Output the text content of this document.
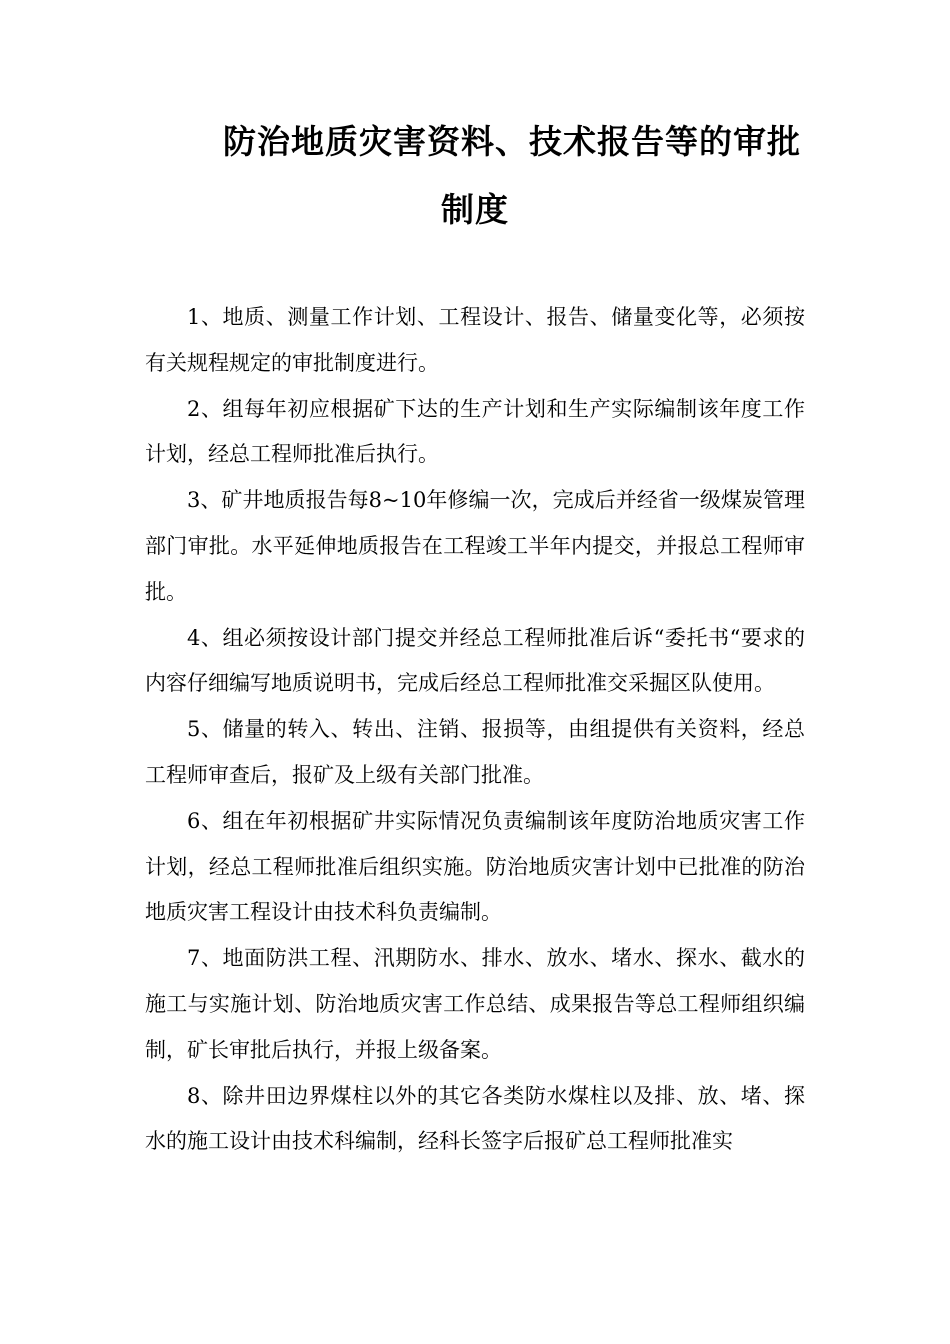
防治地质灾害资料、技术报告等的审批
制度

1、地质、测量工作计划、工程设计、报告、储量变化等，必须按有关规程规定的审批制度进行。

2、组每年初应根据矿下达的生产计划和生产实际编制该年度工作计划，经总工程师批准后执行。

3、矿井地质报告每8~10年修编一次，完成后并经省一级煤炭管理部门审批。水平延伸地质报告在工程竣工半年内提交，并报总工程师审批。

4、组必须按设计部门提交并经总工程师批准后诉“委托书“要求的内容仔细编写地质说明书，完成后经总工程师批准交采掘区队使用。

5、储量的转入、转出、注销、报损等，由组提供有关资料，经总工程师审查后，报矿及上级有关部门批准。

6、组在年初根据矿井实际情况负责编制该年度防治地质灾害工作计划，经总工程师批准后组织实施。防治地质灾害计划中已批准的防治地质灾害工程设计由技术科负责编制。

7、地面防洪工程、汛期防水、排水、放水、堵水、探水、截水的施工与实施计划、防治地质灾害工作总结、成果报告等总工程师组织编制，矿长审批后执行，并报上级备案。

8、除井田边界煤柱以外的其它各类防水煤柱以及排、放、堵、探水的施工设计由技术科编制，经科长签字后报矿总工程师批准实
